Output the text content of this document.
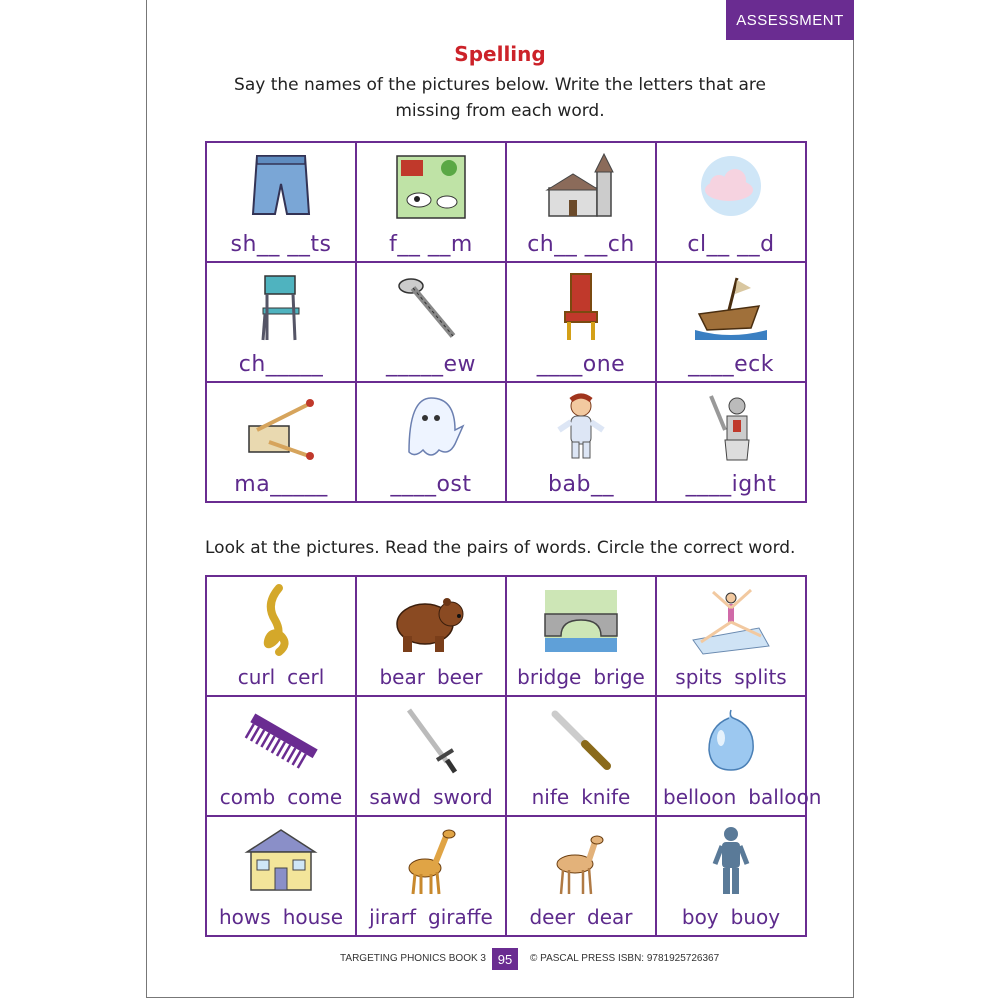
ASSESSMENT
Spelling
Say the names of the pictures below. Write the letters that are
missing from each word.
sh__ __ts	f__ __m	ch__ __ch	cl__ __d
ch_____	_____ew	____one	____eck
ma_____	____ost	bab__	____ight
Look at the pictures. Read the pairs of words. Circle the correct word.
curl cerl	bear beer	bridge brige	spits splits
comb come	sawd sword	nife knife	belloon balloon
hows house	jirarf giraffe	deer dear	boy buoy
TARGETING PHONICS BOOK 3 95	© PASCAL PRESS ISBN: 9781925726367
